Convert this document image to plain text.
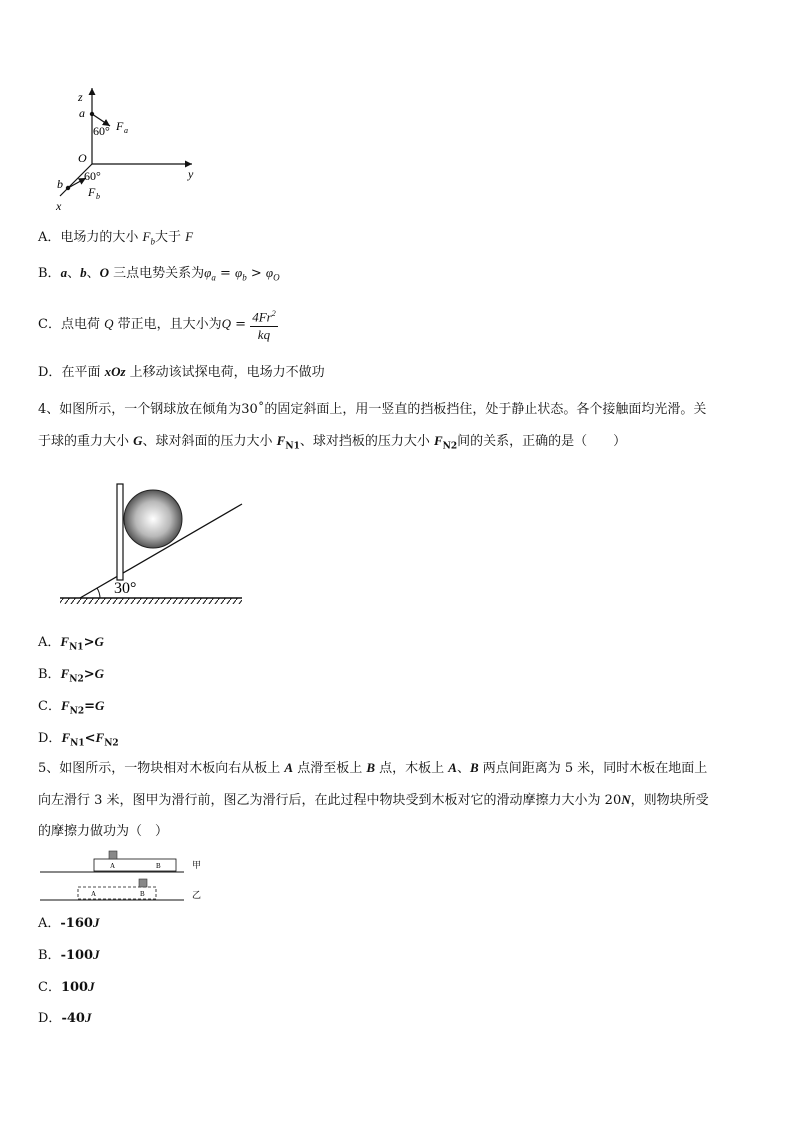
z
a
60° F a
O
y
b
60°
F b
x
A．电场力的大小 $F_b$大于 F
B．a、b、O 三点电势关系为$\varphi_a = \varphi_b > \varphi_O$
C．点电荷 Q 带正电，且大小为$Q = \frac{4Fr^2}{kq}$
D．在平面 xOz 上移动该试探电荷，电场力不做功
4、如图所示，一个钢球放在倾角为30˚的固定斜面上，用一竖直的挡板挡住，处于静止状态。各个接触面均光滑。关
于球的重力大小 G、球对斜面的压力大小 $F_{N1}$、球对挡板的压力大小 $F_{N2}$间的关系，正确的是（　　）
30°
A．$F_{N1}>G$
B．$F_{N2}>G$
C．$F_{N2}=G$
D．$F_{N1}<F_{N2}$
5、如图所示，一物块相对木板向右从板上 A 点滑至板上 B 点，木板上 A、B 两点间距离为 5 米，同时木板在地面上
向左滑行 3 米，图甲为滑行前，图乙为滑行后，在此过程中物块受到木板对它的滑动摩擦力大小为 20N，则物块所受
的摩擦力做功为（　）
A	B	甲
A	B	乙
A．-160J
B．-100J
C．100J
D．-40J
